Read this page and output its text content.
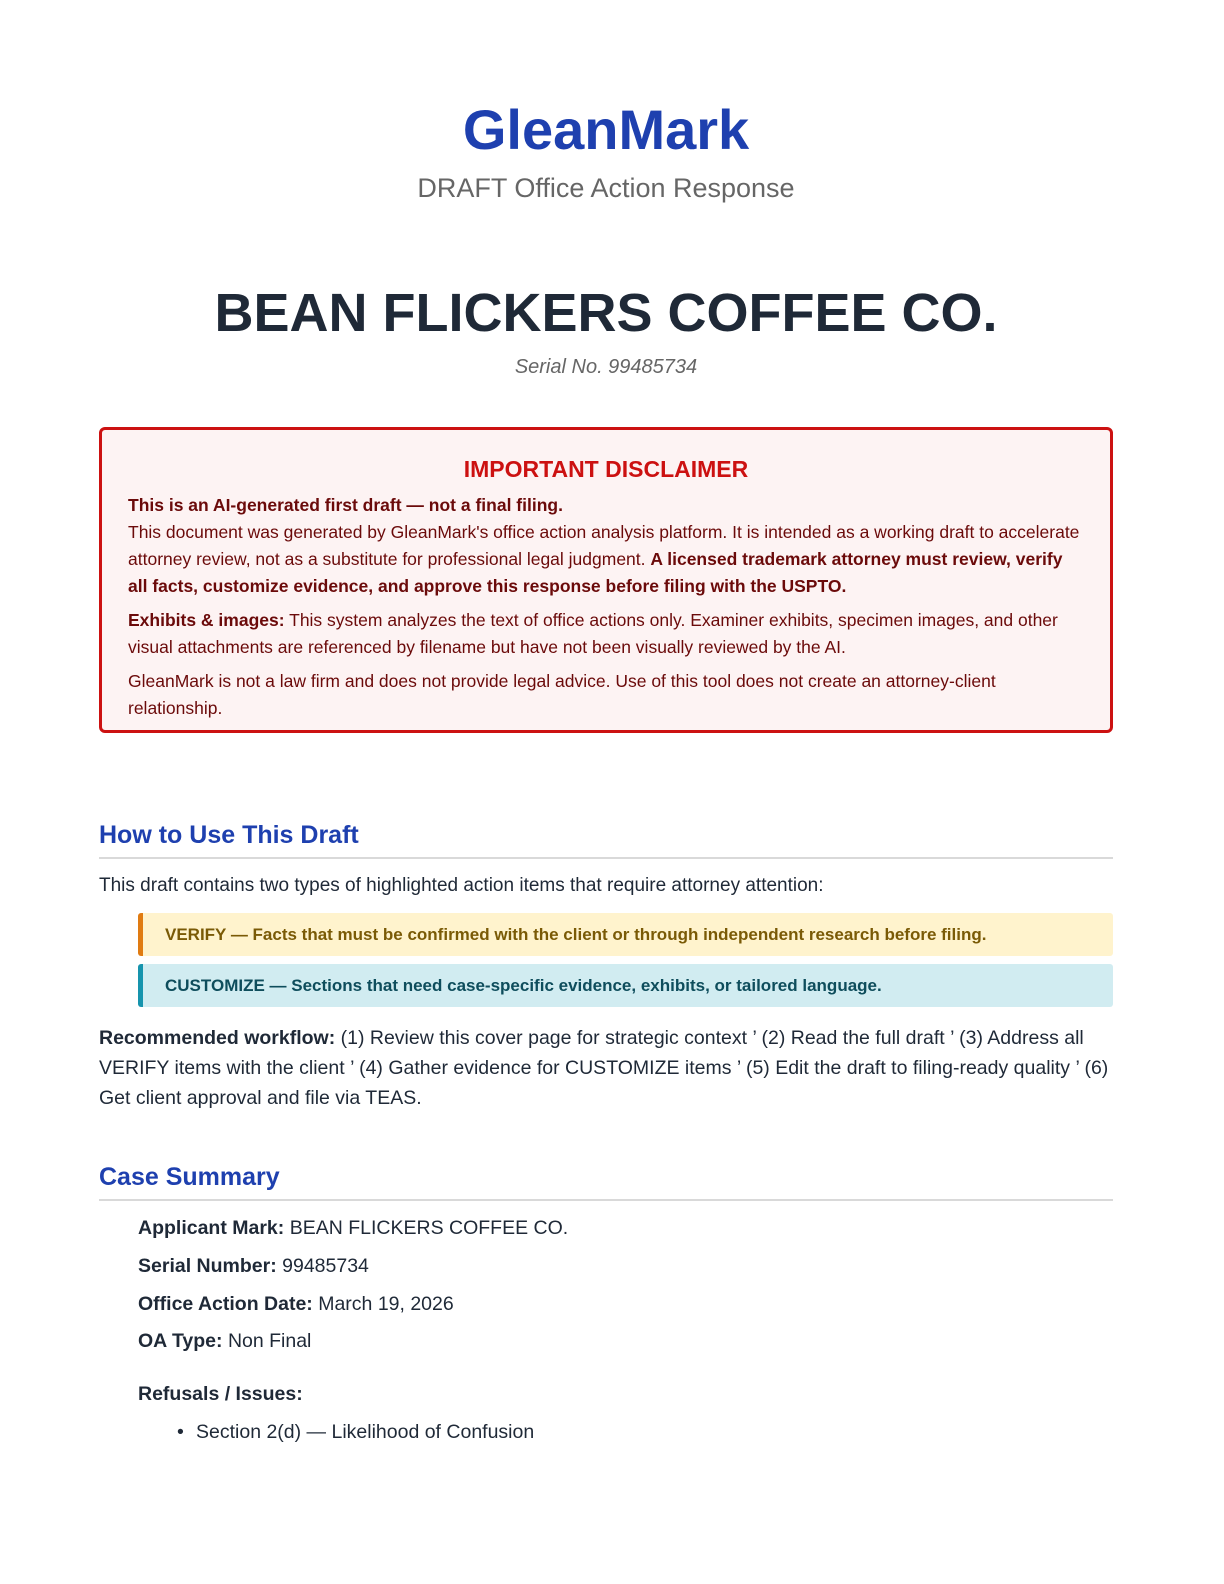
GleanMark
DRAFT Office Action Response
BEAN FLICKERS COFFEE CO.
Serial No. 99485734
IMPORTANT DISCLAIMER

This is an AI-generated first draft — not a final filing.
This document was generated by GleanMark's office action analysis platform. It is intended as a working draft to accelerate attorney review, not as a substitute for professional legal judgment. A licensed trademark attorney must review, verify all facts, customize evidence, and approve this response before filing with the USPTO.

Exhibits & images: This system analyzes the text of office actions only. Examiner exhibits, specimen images, and other visual attachments are referenced by filename but have not been visually reviewed by the AI.

GleanMark is not a law firm and does not provide legal advice. Use of this tool does not create an attorney-client relationship.

How to Use This Draft

This draft contains two types of highlighted action items that require attorney attention:

VERIFY — Facts that must be confirmed with the client or through independent research before filing.
CUSTOMIZE — Sections that need case-specific evidence, exhibits, or tailored language.

Recommended workflow: (1) Review this cover page for strategic context ’ (2) Read the full draft ’ (3) Address all VERIFY items with the client ’ (4) Gather evidence for CUSTOMIZE items ’ (5) Edit the draft to filing-ready quality ’ (6) Get client approval and file via TEAS.

Case Summary

Applicant Mark: BEAN FLICKERS COFFEE CO.

Serial Number: 99485734

Office Action Date: March 19, 2026

OA Type: Non Final

Refusals / Issues:

• Section 2(d) — Likelihood of Confusion
